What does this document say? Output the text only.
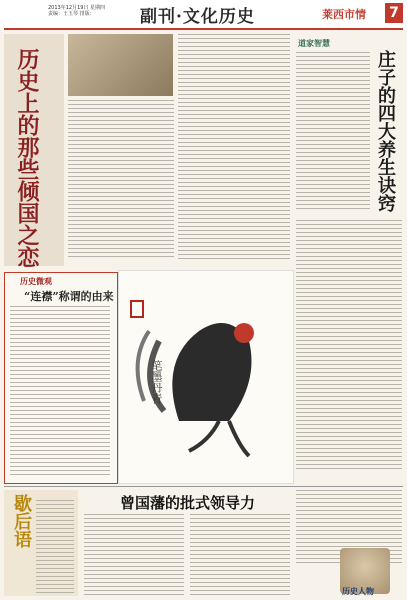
2013年12月19日 星期四
责编：王玉琴 排版：	副刊·文化历史	莱西市情 7
历史上的那些倾国之恋
历史微观
“连襟”称谓的由来
道家智慧
庄子的四大养生诀窍
笔墨丹青
曾国藩的批式领导力
歇后语
历史人物
